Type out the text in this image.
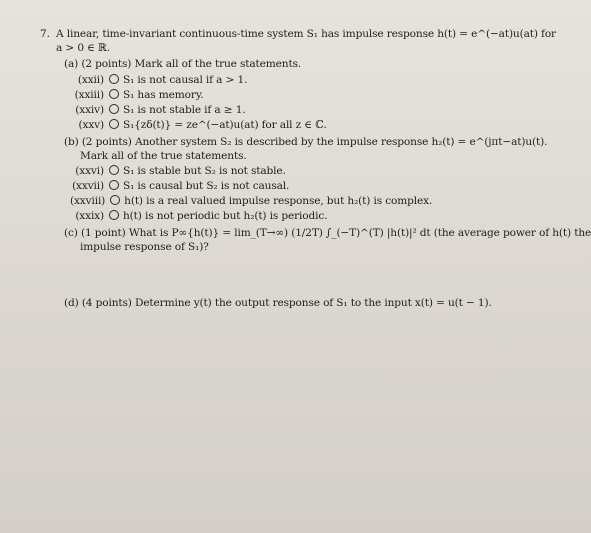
7. A linear, time-invariant continuous-time system S₁ has impulse response h(t) = e^(−at)u(at) for
a > 0 ∈ ℝ.
(a) (2 points) Mark all of the true statements.
(xxii) S₁ is not causal if a > 1.
(xxiii) S₁ has memory.
(xxiv) S₁ is not stable if a ≥ 1.
(xxv) S₁{zδ(t)} = ze^(−at)u(at) for all z ∈ ℂ.
(b) (2 points) Another system S₂ is described by the impulse response h₂(t) = e^(jπt−at)u(t).
Mark all of the true statements.
(xxvi) S₁ is stable but S₂ is not stable.
(xxvii) S₁ is causal but S₂ is not causal.
(xxviii) h(t) is a real valued impulse response, but h₂(t) is complex.
(xxix) h(t) is not periodic but h₂(t) is periodic.
(c) (1 point) What is P∞{h(t)} = lim_(T→∞) (1/2T) ∫_(−T)^(T) |h(t)|² dt (the average power of h(t) the
impulse response of S₁)?
(d) (4 points) Determine y(t) the output response of S₁ to the input x(t) = u(t − 1).
